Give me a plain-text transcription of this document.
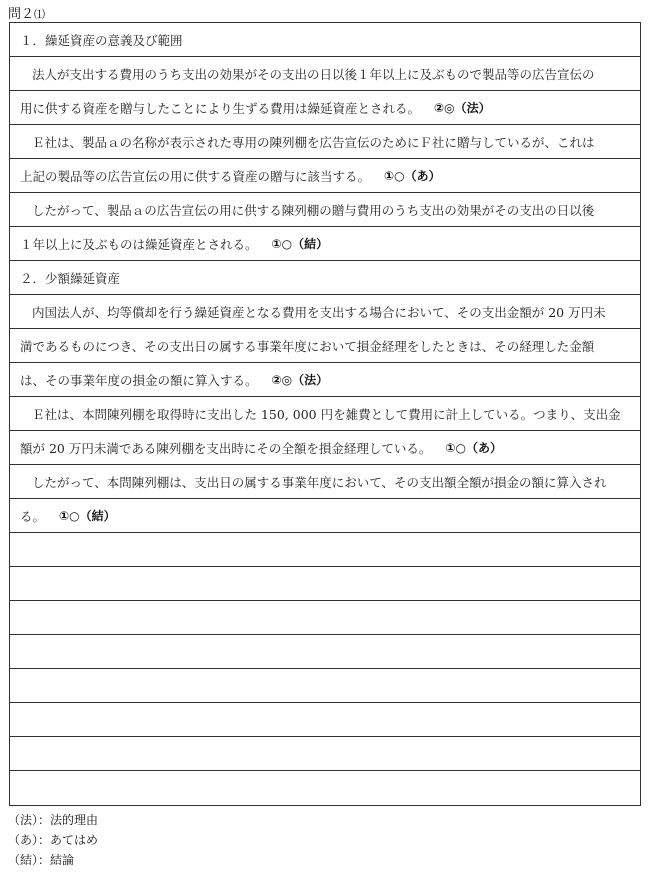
問２⑴
１．繰延資産の意義及び範囲
法人が支出する費用のうち支出の効果がその支出の日以後１年以上に及ぶもので製品等の広告宣伝の
用に供する資産を贈与したことにより生ずる費用は繰延資産とされる。 ②◎（法）
Ｅ社は、製品ａの名称が表示された専用の陳列棚を広告宣伝のためにＦ社に贈与しているが、これは
上記の製品等の広告宣伝の用に供する資産の贈与に該当する。 ①○（あ）
したがって、製品ａの広告宣伝の用に供する陳列棚の贈与費用のうち支出の効果がその支出の日以後
１年以上に及ぶものは繰延資産とされる。 ①○（結）
２．少額繰延資産
内国法人が、均等償却を行う繰延資産となる費用を支出する場合において、その支出金額が 20 万円未
満であるものにつき、その支出日の属する事業年度において損金経理をしたときは、その経理した金額
は、その事業年度の損金の額に算入する。 ②◎（法）
Ｅ社は、本問陳列棚を取得時に支出した 150, 000 円を雑費として費用に計上している。つまり、支出金
額が 20 万円未満である陳列棚を支出時にその全額を損金経理している。 ①○（あ）
したがって、本問陳列棚は、支出日の属する事業年度において、その支出額全額が損金の額に算入され
る。 ①○（結）
（法）：法的理由
（あ）：あてはめ
（結）：結論
